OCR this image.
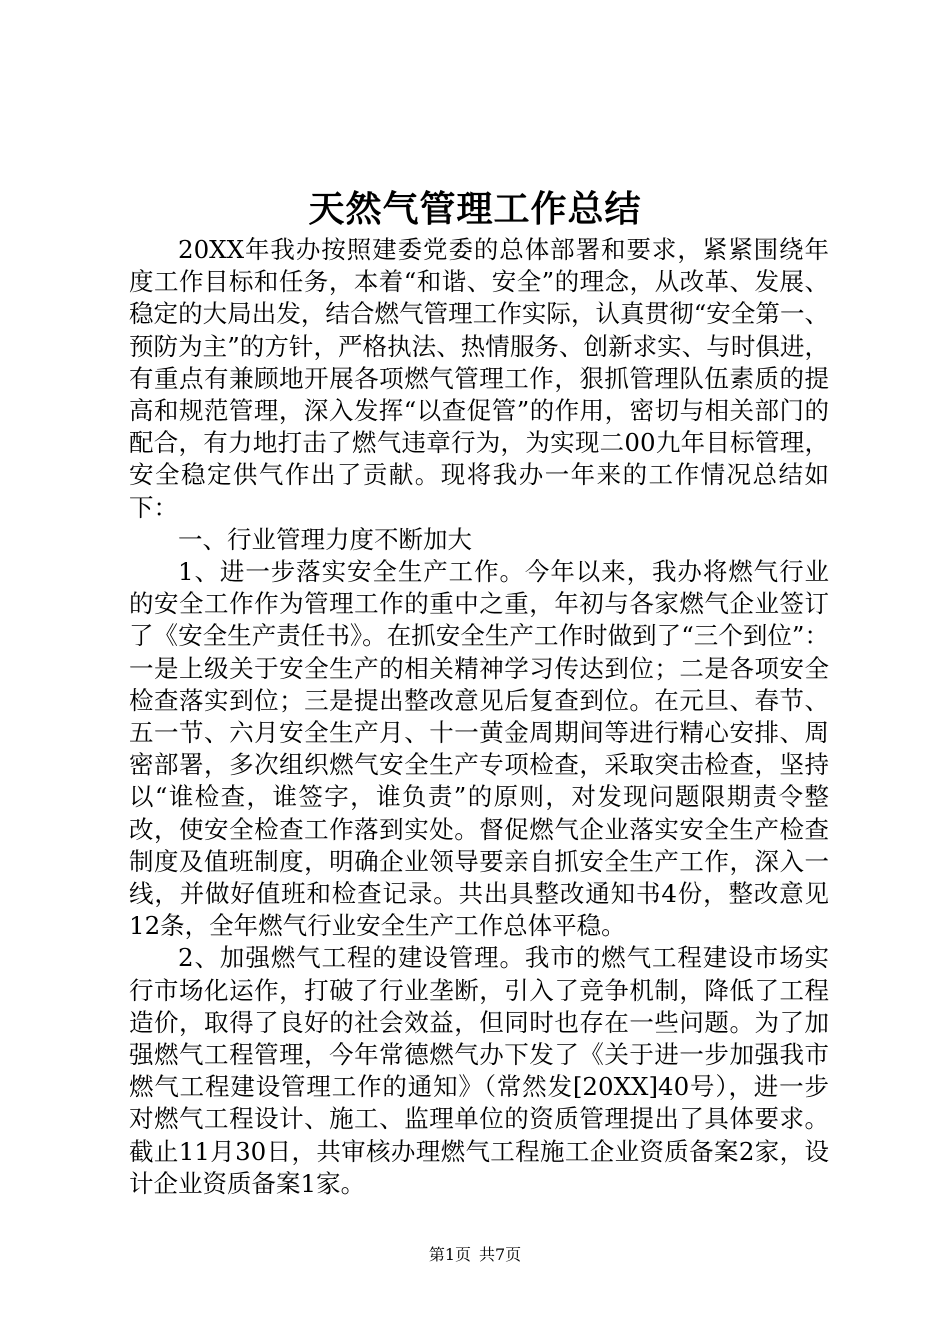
天然气管理工作总结

20XX年我办按照建委党委的总体部署和要求，紧紧围绕年度工作目标和任务，本着“和谐、安全”的理念，从改革、发展、稳定的大局出发，结合燃气管理工作实际，认真贯彻“安全第一、预防为主”的方针，严格执法、热情服务、创新求实、与时俱进，有重点有兼顾地开展各项燃气管理工作，狠抓管理队伍素质的提高和规范管理，深入发挥“以查促管”的作用，密切与相关部门的配合，有力地打击了燃气违章行为，为实现二00九年目标管理，安全稳定供气作出了贡献。现将我办一年来的工作情况总结如下：

一、行业管理力度不断加大

1、进一步落实安全生产工作。今年以来，我办将燃气行业的安全工作作为管理工作的重中之重，年初与各家燃气企业签订了《安全生产责任书》。在抓安全生产工作时做到了“三个到位”：一是上级关于安全生产的相关精神学习传达到位；二是各项安全检查落实到位；三是提出整改意见后复查到位。在元旦、春节、五一节、六月安全生产月、十一黄金周期间等进行精心安排、周密部署，多次组织燃气安全生产专项检查，采取突击检查，坚持以“谁检查，谁签字，谁负责”的原则，对发现问题限期责令整改，使安全检查工作落到实处。督促燃气企业落实安全生产检查制度及值班制度，明确企业领导要亲自抓安全生产工作，深入一线，并做好值班和检查记录。共出具整改通知书4份，整改意见12条，全年燃气行业安全生产工作总体平稳。

2、加强燃气工程的建设管理。我市的燃气工程建设市场实行市场化运作，打破了行业垄断，引入了竞争机制，降低了工程造价，取得了良好的社会效益，但同时也存在一些问题。为了加强燃气工程管理，今年常德燃气办下发了《关于进一步加强我市燃气工程建设管理工作的通知》（常然发[20XX]40号），进一步对燃气工程设计、施工、监理单位的资质管理提出了具体要求。截止11月30日，共审核办理燃气工程施工企业资质备案2家，设计企业资质备案1家。

第1页 共7页
